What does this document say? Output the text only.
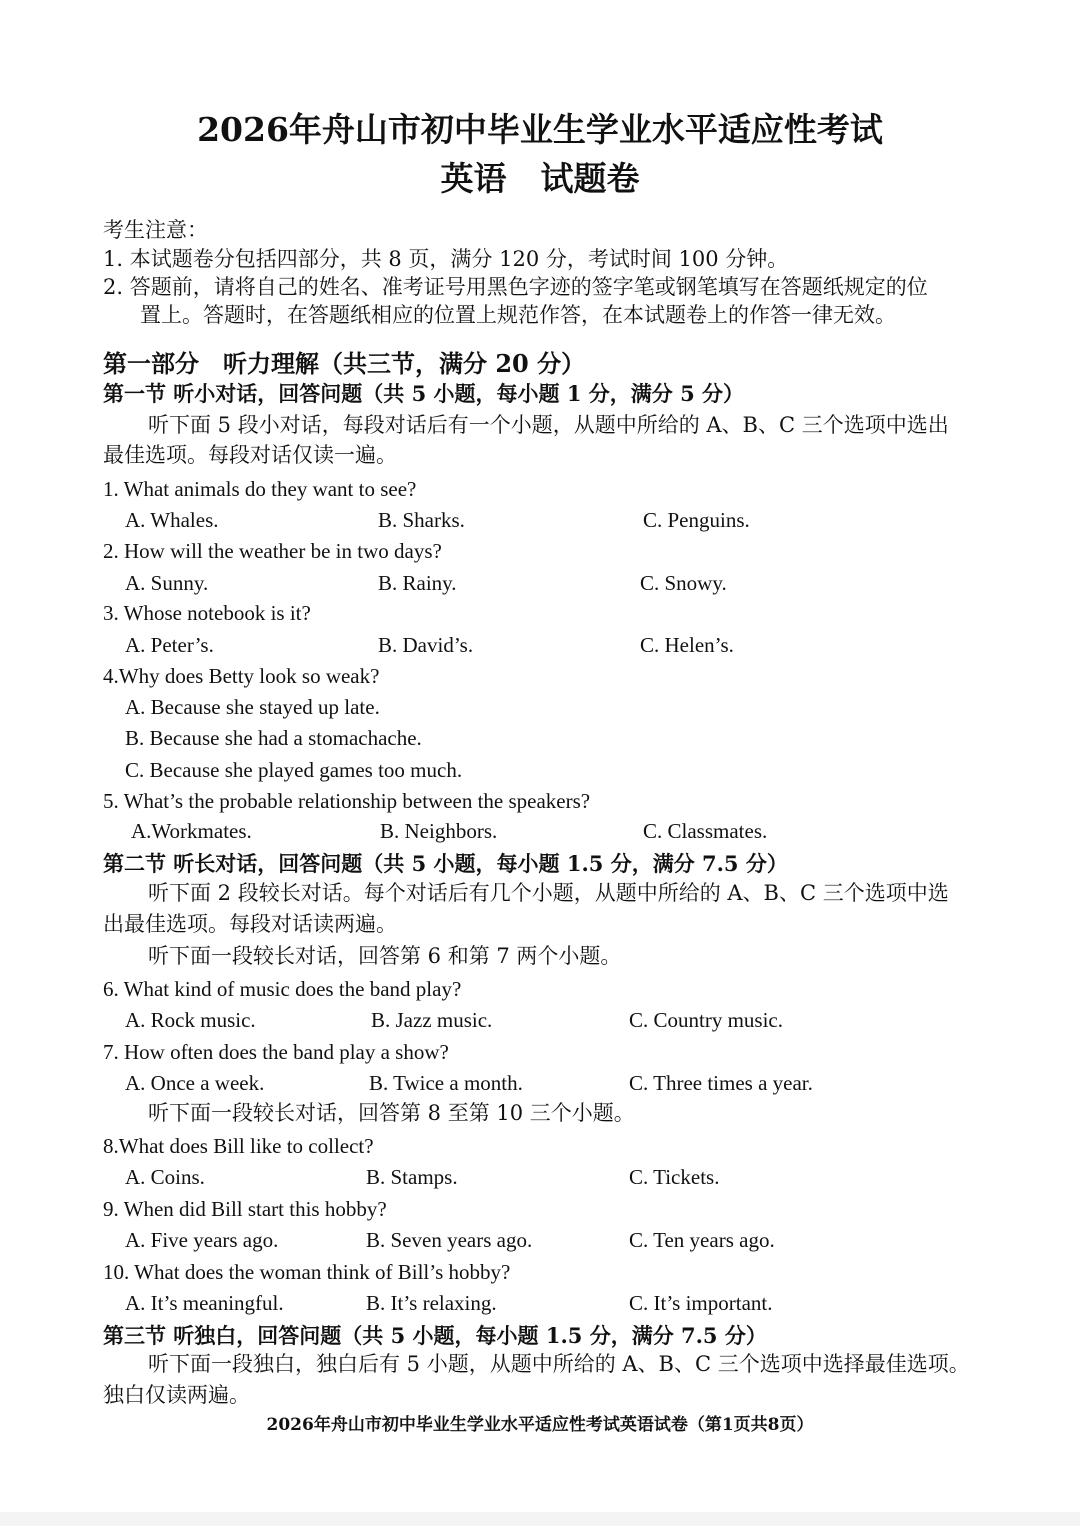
2026年舟山市初中毕业生学业水平适应性考试
英语 试题卷
考生注意：
1. 本试题卷分包括四部分，共 8 页，满分 120 分，考试时间 100 分钟。
2. 答题前，请将自己的姓名、准考证号用黑色字迹的签字笔或钢笔填写在答题纸规定的位
置上。答题时，在答题纸相应的位置上规范作答，在本试题卷上的作答一律无效。
第一部分　听力理解（共三节，满分 20 分）
第一节 听小对话，回答问题（共 5 小题，每小题 1 分，满分 5 分）
听下面 5 段小对话，每段对话后有一个小题，从题中所给的 A、B、C 三个选项中选出
最佳选项。每段对话仅读一遍。
1. What animals do they want to see?
A. Whales.	B. Sharks.	C. Penguins.
2. How will the weather be in two days?
A. Sunny.	B. Rainy.	C. Snowy.
3. Whose notebook is it?
A. Peter’s.	B. David’s.	C. Helen’s.
4.Why does Betty look so weak?
A. Because she stayed up late.
B. Because she had a stomachache.
C. Because she played games too much.
5. What’s the probable relationship between the speakers?
A.Workmates.	B. Neighbors.	C. Classmates.
第二节 听长对话，回答问题（共 5 小题，每小题 1.5 分，满分 7.5 分）
听下面 2 段较长对话。每个对话后有几个小题，从题中所给的 A、B、C 三个选项中选
出最佳选项。每段对话读两遍。
听下面一段较长对话，回答第 6 和第 7 两个小题。
6. What kind of music does the band play?
A. Rock music.	B. Jazz music.	C. Country music.
7. How often does the band play a show?
A. Once a week.	B. Twice a month.	C. Three times a year.
听下面一段较长对话，回答第 8 至第 10 三个小题。
8.What does Bill like to collect?
A. Coins.	B. Stamps.	C. Tickets.
9. When did Bill start this hobby?
A. Five years ago.	B. Seven years ago.	C. Ten years ago.
10. What does the woman think of Bill’s hobby?
A. It’s meaningful.	B. It’s relaxing.	C. It’s important.
第三节 听独白，回答问题（共 5 小题，每小题 1.5 分，满分 7.5 分）
听下面一段独白，独白后有 5 小题，从题中所给的 A、B、C 三个选项中选择最佳选项。
独白仅读两遍。
2026年舟山市初中毕业生学业水平适应性考试英语试卷（第1页共8页）
